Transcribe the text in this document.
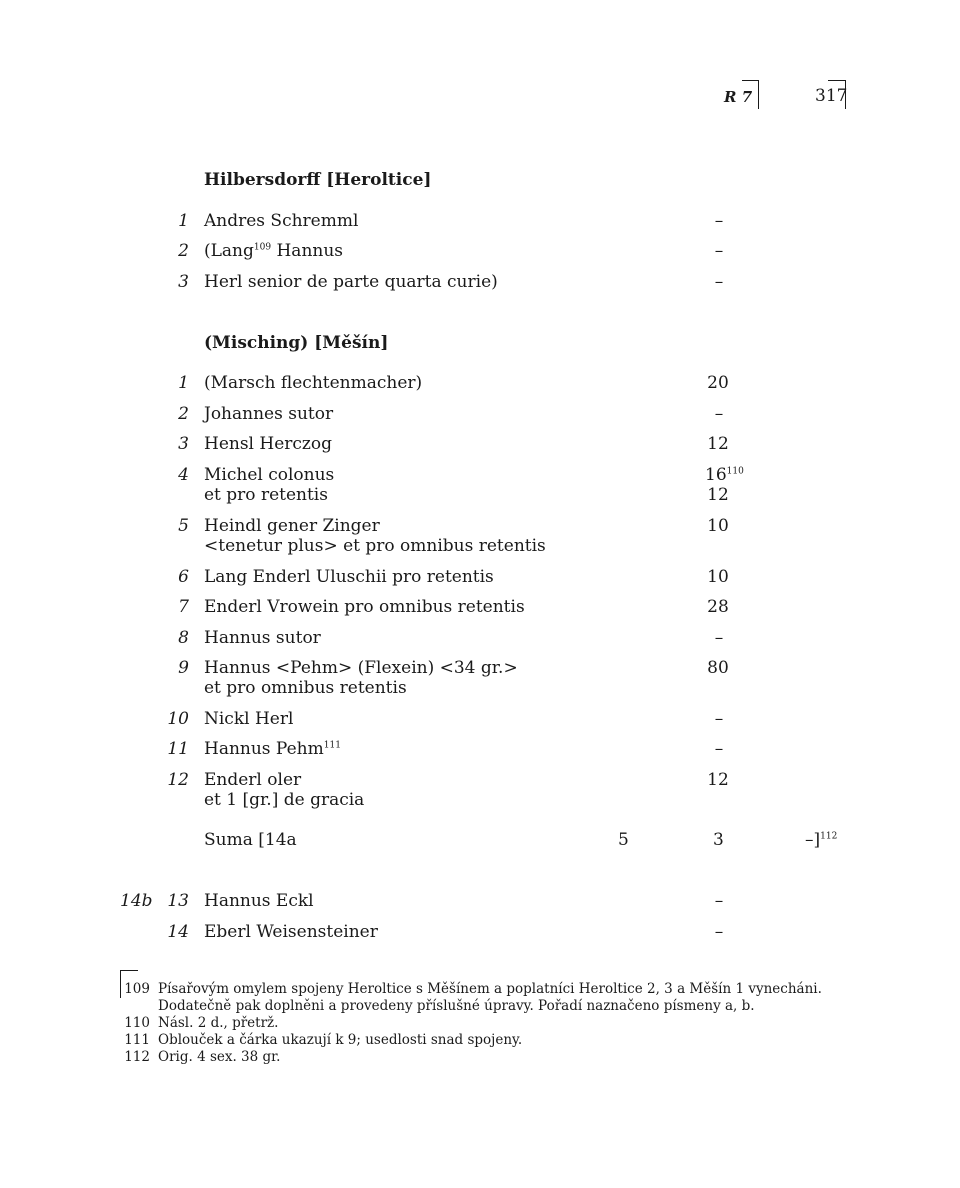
R 7	317
Hilbersdorff [Heroltice]
1 Andres Schremml	–
2 (Lang$^{109}$ Hannus	–
3 Herl senior de parte quarta curie)	–
(Misching) [Měšín]
1 (Marsch flechtenmacher)	20
2 Johannes sutor	–
3 Hensl Herczog	12
4 Michel colonus	$16^{110}$
et pro retentis	12
5 Heindl gener Zinger	10
<tenetur plus> et pro omnibus retentis
6 Lang Enderl Uluschii pro retentis	10
7 Enderl Vrowein pro omnibus retentis	28
8 Hannus sutor	–
9 Hannus <Pehm> (Flexein) <34 gr.>	80
et pro omnibus retentis
10 Nickl Herl	–
11 Hannus Pehm$^{111}$	–
12 Enderl oler	12
et 1 [gr.] de gracia
Suma [14a	5	3	–]$^{112}$
14b 13 Hannus Eckl	–
14 Eberl Weisensteiner	–
109 Písařovým omylem spojeny Heroltice s Měšínem a poplatníci Heroltice 2, 3 a Měšín 1 vynecháni. Dodatečně pak doplněni a provedeny příslušné úpravy. Pořadí naznačeno písmeny a, b.
110 Násl. 2 d., přetrž.
111 Oblouček a čárka ukazují k 9; usedlosti snad spojeny.
112 Orig. 4 sex. 38 gr.
